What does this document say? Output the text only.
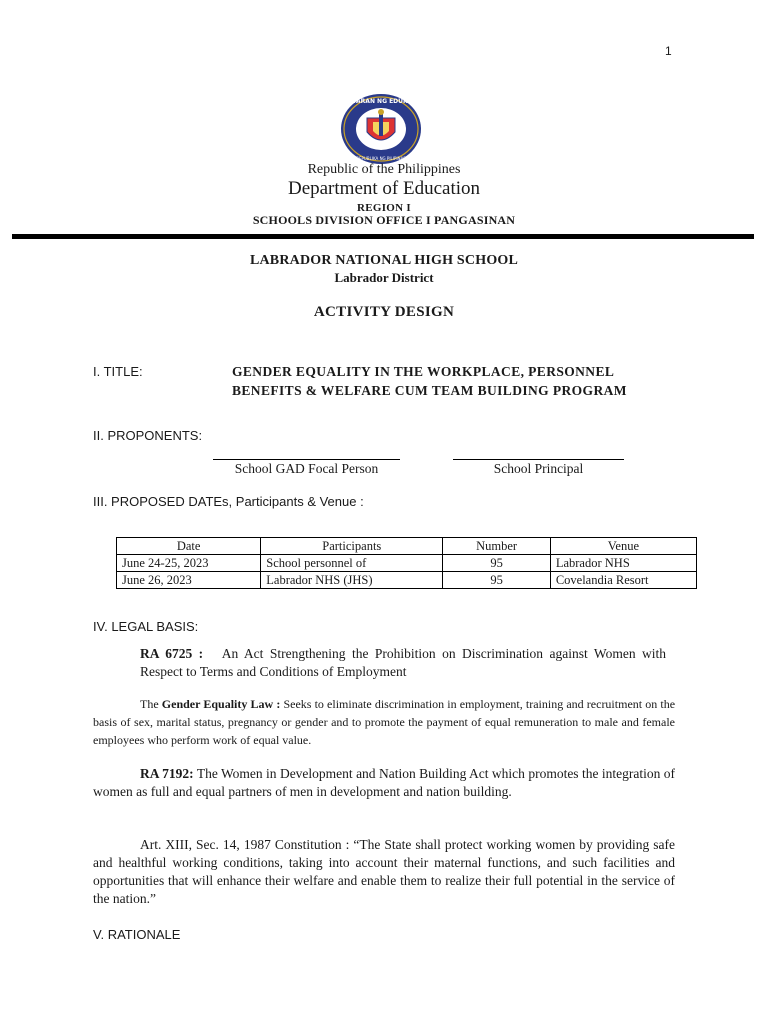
1
KAGAWARAN NG EDUKASYON
REPUBLIKA NG PILIPINAS
Republic of the Philippines
Department of Education
REGION I
SCHOOLS DIVISION OFFICE I PANGASINAN
LABRADOR NATIONAL HIGH SCHOOL
Labrador District
ACTIVITY DESIGN
I. TITLE:	GENDER EQUALITY IN THE WORKPLACE, PERSONNEL BENEFITS & WELFARE CUM TEAM BUILDING PROGRAM
II. PROPONENTS:
School GAD Focal Person	School Principal
III. PROPOSED DATEs, Participants & Venue :
Date	Participants	Number	Venue
June 24-25, 2023	School personnel of	95	Labrador NHS
June 26, 2023	Labrador NHS (JHS)	95	Covelandia Resort
IV. LEGAL BASIS:
RA 6725 : An Act Strengthening the Prohibition on Discrimination against Women with Respect to Terms and Conditions of Employment
The Gender Equality Law : Seeks to eliminate discrimination in employment, training and recruitment on the basis of sex, marital status, pregnancy or gender and to promote the payment of equal remuneration to male and female employees who perform work of equal value.
RA 7192: The Women in Development and Nation Building Act which promotes the integration of women as full and equal partners of men in development and nation building.
Art. XIII, Sec. 14, 1987 Constitution : “The State shall protect working women by providing safe and healthful working conditions, taking into account their maternal functions, and such facilities and opportunities that will enhance their welfare and enable them to realize their full potential in the service of the nation.”
V. RATIONALE
